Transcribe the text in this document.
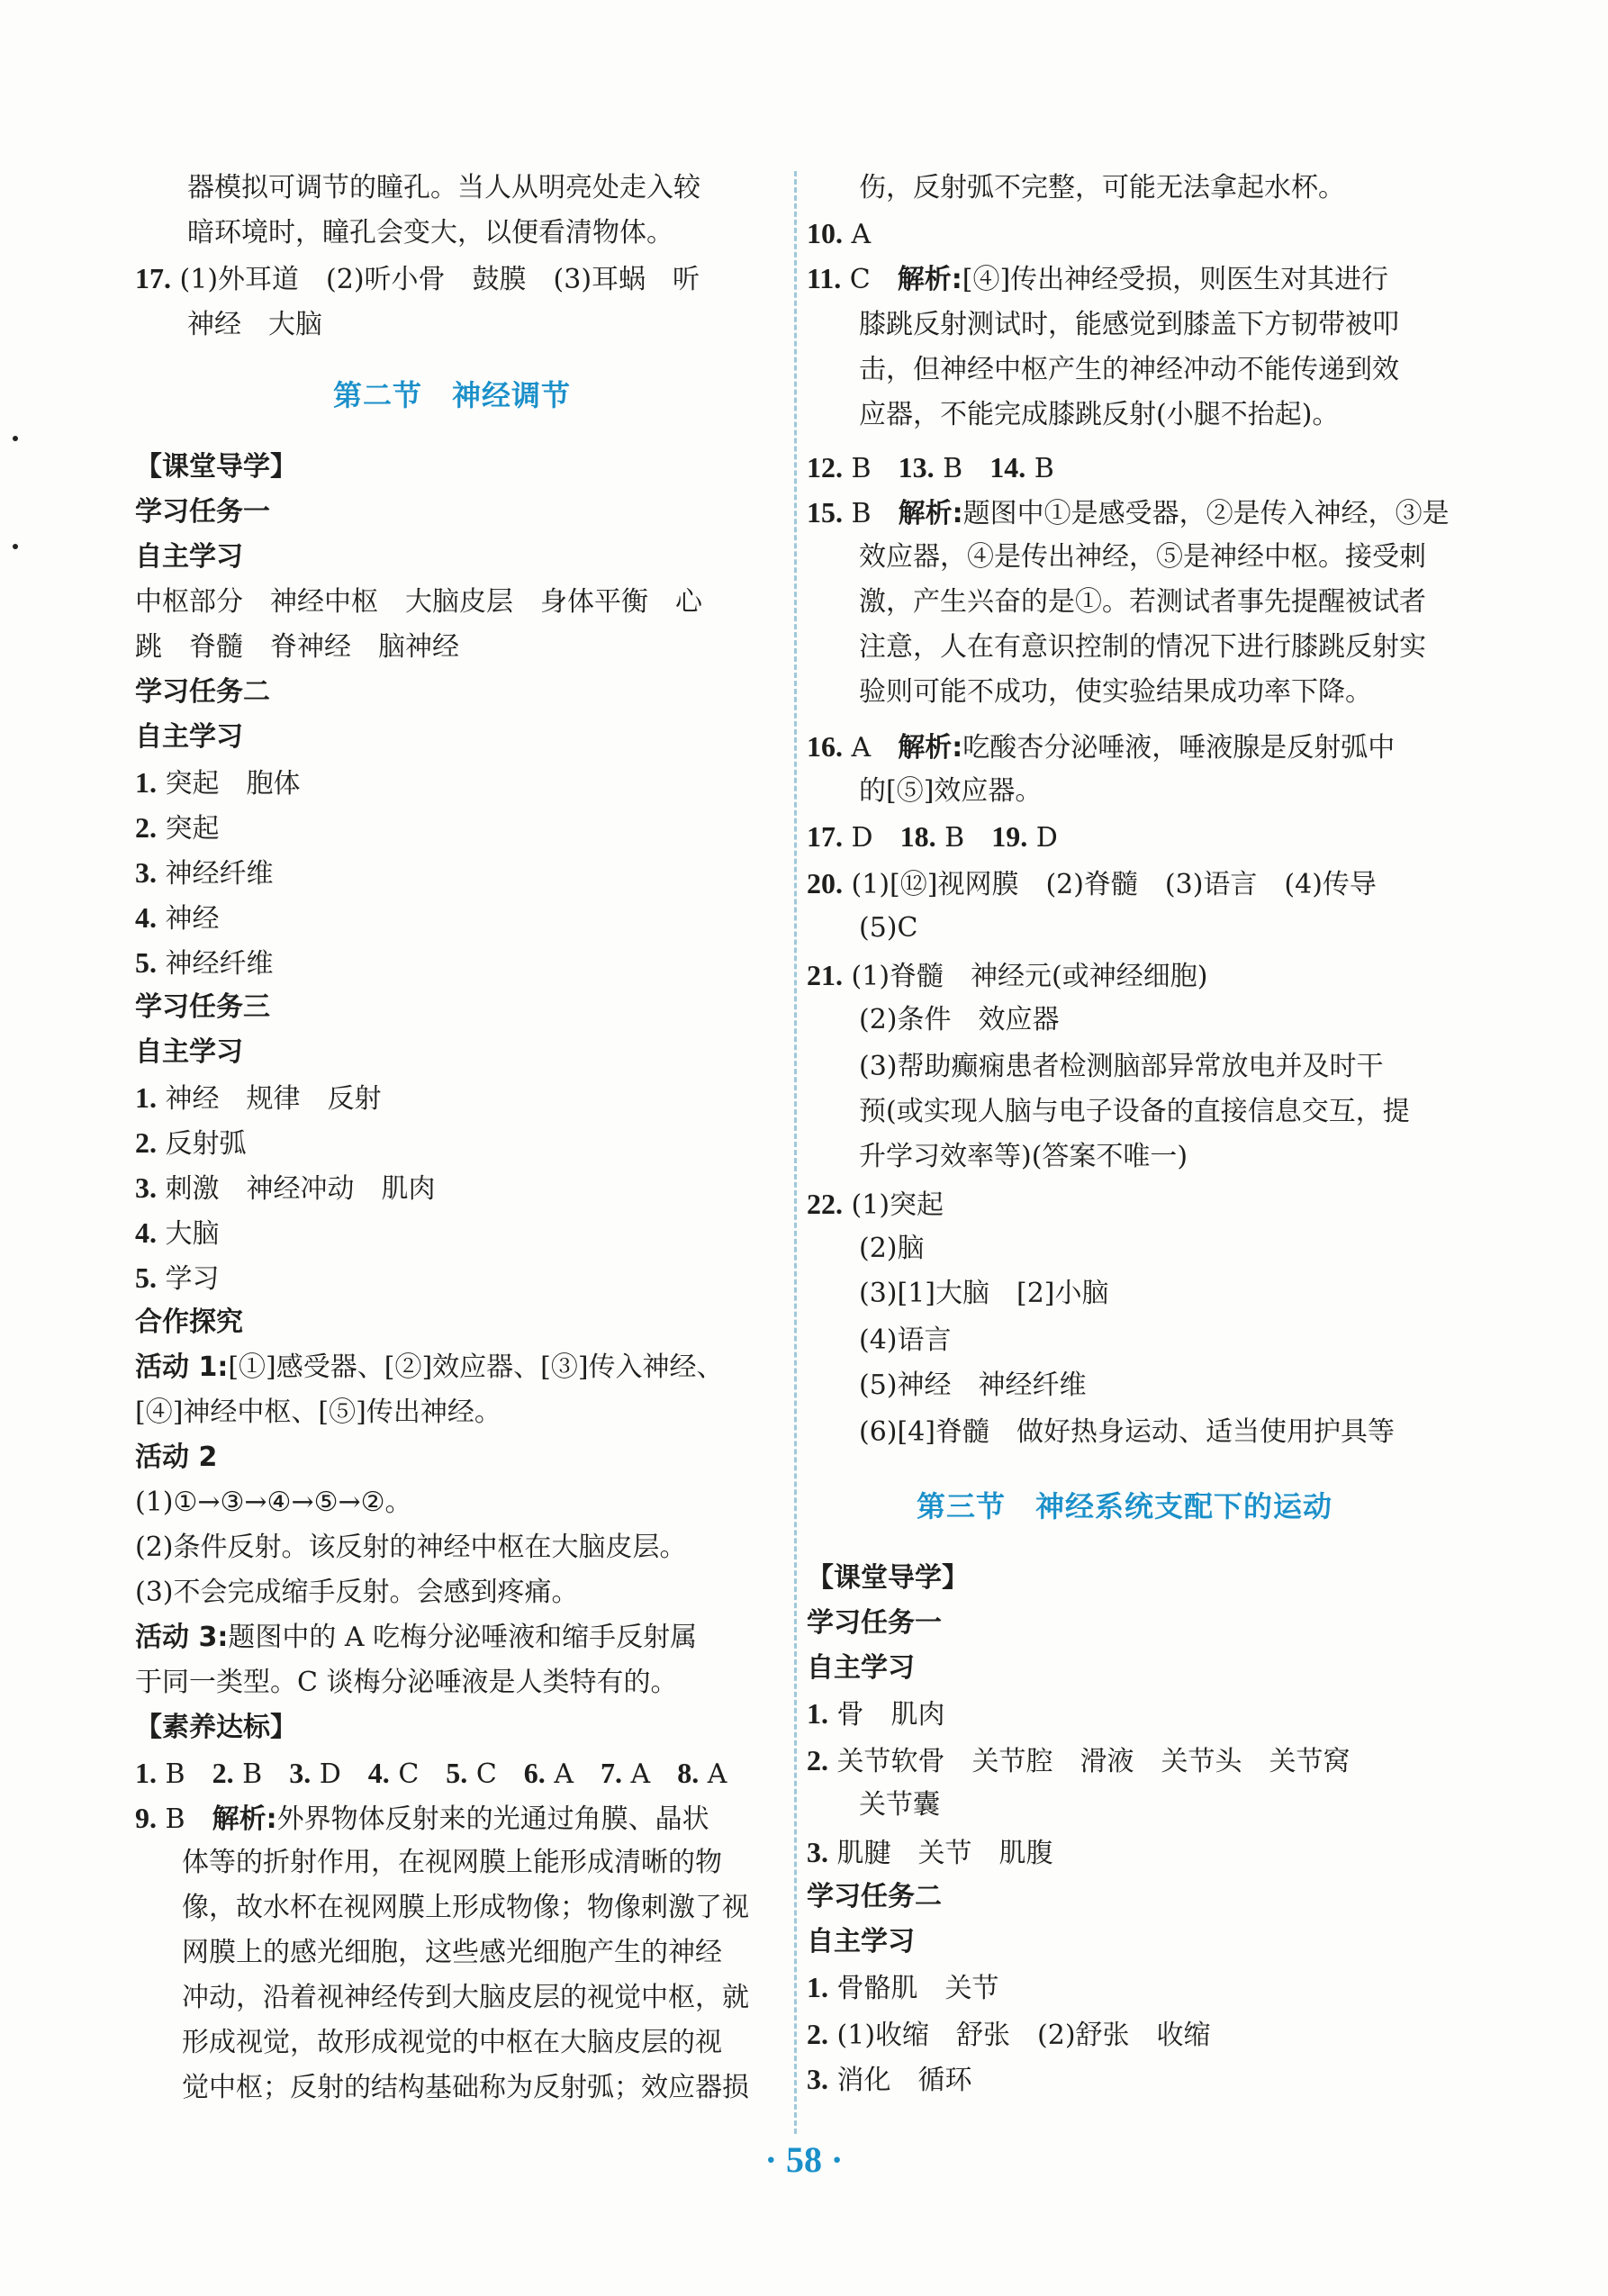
器模拟可调节的瞳孔。当人从明亮处走入较
暗环境时，瞳孔会变大，以便看清物体。
17. (1)外耳道　(2)听小骨　鼓膜　(3)耳蜗　听
神经　大脑
【课堂导学】
学习任务一
自主学习
中枢部分　神经中枢　大脑皮层　身体平衡　心
跳　脊髓　脊神经　脑神经
学习任务二
自主学习
1. 突起　胞体
2. 突起
3. 神经纤维
4. 神经
5. 神经纤维
学习任务三
自主学习
1. 神经　规律　反射
2. 反射弧
3. 刺激　神经冲动　肌肉
4. 大脑
5. 学习
合作探究
活动 1:[①]感受器、[②]效应器、[③]传入神经、
[④]神经中枢、[⑤]传出神经。
活动 2
(1)①→③→④→⑤→②。
(2)条件反射。该反射的神经中枢在大脑皮层。
(3)不会完成缩手反射。会感到疼痛。
活动 3:题图中的 A 吃梅分泌唾液和缩手反射属
于同一类型。C 谈梅分泌唾液是人类特有的。
【素养达标】
1. B　2. B　3. D　4. C　5. C　6. A　7. A　8. A
9. B　解析:外界物体反射来的光通过角膜、晶状
体等的折射作用，在视网膜上能形成清晰的物
像，故水杯在视网膜上形成物像；物像刺激了视
网膜上的感光细胞，这些感光细胞产生的神经
冲动，沿着视神经传到大脑皮层的视觉中枢，就
形成视觉，故形成视觉的中枢在大脑皮层的视
觉中枢；反射的结构基础称为反射弧；效应器损
伤，反射弧不完整，可能无法拿起水杯。
10. A
11. C　解析:[④]传出神经受损，则医生对其进行
膝跳反射测试时，能感觉到膝盖下方韧带被叩
击，但神经中枢产生的神经冲动不能传递到效
应器，不能完成膝跳反射(小腿不抬起)。
12. B　13. B　14. B
15. B　解析:题图中①是感受器，②是传入神经，③是
效应器，④是传出神经，⑤是神经中枢。接受刺
激，产生兴奋的是①。若测试者事先提醒被试者
注意，人在有意识控制的情况下进行膝跳反射实
验则可能不成功，使实验结果成功率下降。
16. A　解析:吃酸杏分泌唾液，唾液腺是反射弧中
的[⑤]效应器。
17. D　18. B　19. D
20. (1)[⑫]视网膜　(2)脊髓　(3)语言　(4)传导
(5)C
21. (1)脊髓　神经元(或神经细胞)
(2)条件　效应器
(3)帮助癫痫患者检测脑部异常放电并及时干
预(或实现人脑与电子设备的直接信息交互，提
升学习效率等)(答案不唯一)
22. (1)突起
(2)脑
(3)[1]大脑　[2]小脑
(4)语言
(5)神经　神经纤维
(6)[4]脊髓　做好热身运动、适当使用护具等
【课堂导学】
学习任务一
自主学习
1. 骨　肌肉
2. 关节软骨　关节腔　滑液　关节头　关节窝
关节囊
3. 肌腱　关节　肌腹
学习任务二
自主学习
1. 骨骼肌　关节
2. (1)收缩　舒张　(2)舒张　收缩
3. 消化　循环
第二节　神经调节
第三节　神经系统支配下的运动
· 58 ·
